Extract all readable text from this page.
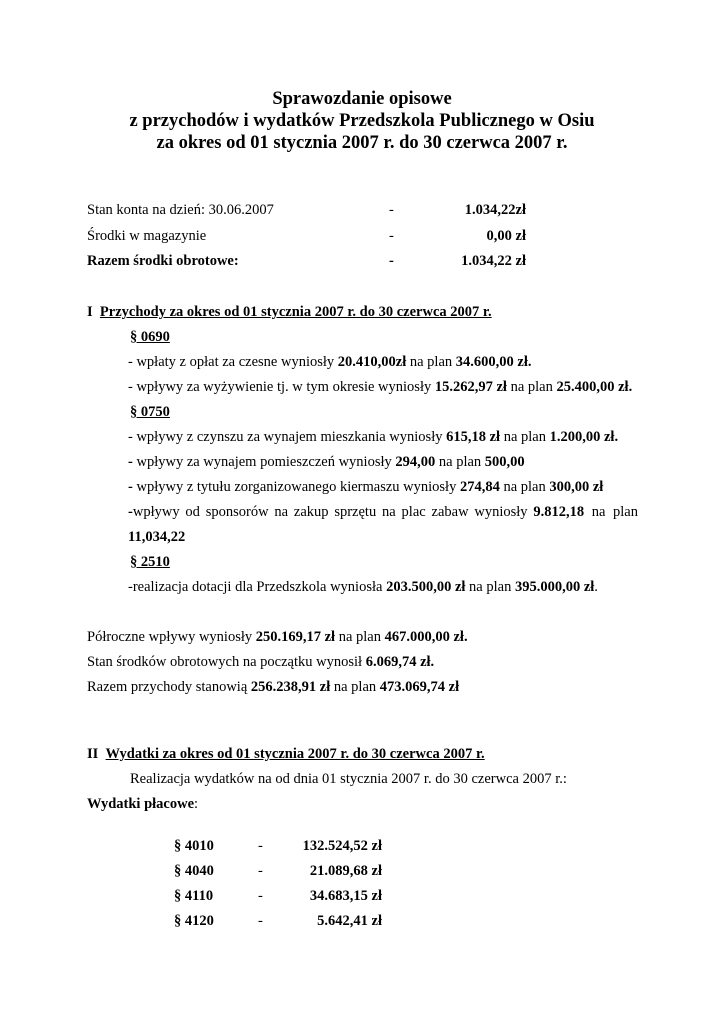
Sprawozdanie opisowe
z przychodów i wydatków Przedszkola Publicznego w Osiu
za okres od 01 stycznia 2007 r. do 30 czerwca 2007 r.
Stan konta na dzień: 30.06.2007	-	1.034,22zł
Środki w magazynie	-	0,00 zł
Razem środki obrotowe:	-	1.034,22 zł
I Przychody za okres od 01 stycznia 2007 r. do 30 czerwca 2007 r.
§ 0690
- wpłaty z opłat za czesne wyniosły 20.410,00zł na plan 34.600,00 zł.
- wpływy za wyżywienie tj. w tym okresie wyniosły 15.262,97 zł na plan 25.400,00 zł.
§ 0750
- wpływy z czynszu za wynajem mieszkania wyniosły 615,18 zł na plan 1.200,00 zł.
- wpływy za wynajem pomieszczeń wyniosły 294,00 na plan 500,00
- wpływy z tytułu zorganizowanego kiermaszu wyniosły 274,84 na plan 300,00 zł
-wpływy od sponsorów na zakup sprzętu na plac zabaw wyniosły 9.812,18 na plan
11,034,22
§ 2510
-realizacja dotacji dla Przedszkola wyniosła 203.500,00 zł na plan 395.000,00 zł.
Półroczne wpływy wyniosły 250.169,17 zł na plan 467.000,00 zł.
Stan środków obrotowych na początku wynosił 6.069,74 zł.
Razem przychody stanowią 256.238,91 zł na plan 473.069,74 zł
II Wydatki za okres od 01 stycznia 2007 r. do 30 czerwca 2007 r.
Realizacja wydatków na od dnia 01 stycznia 2007 r. do 30 czerwca 2007 r.:
Wydatki płacowe:
§ 4010	-	132.524,52 zł
§ 4040	-	21.089,68 zł
§ 4110	-	34.683,15 zł
§ 4120	-	5.642,41 zł
